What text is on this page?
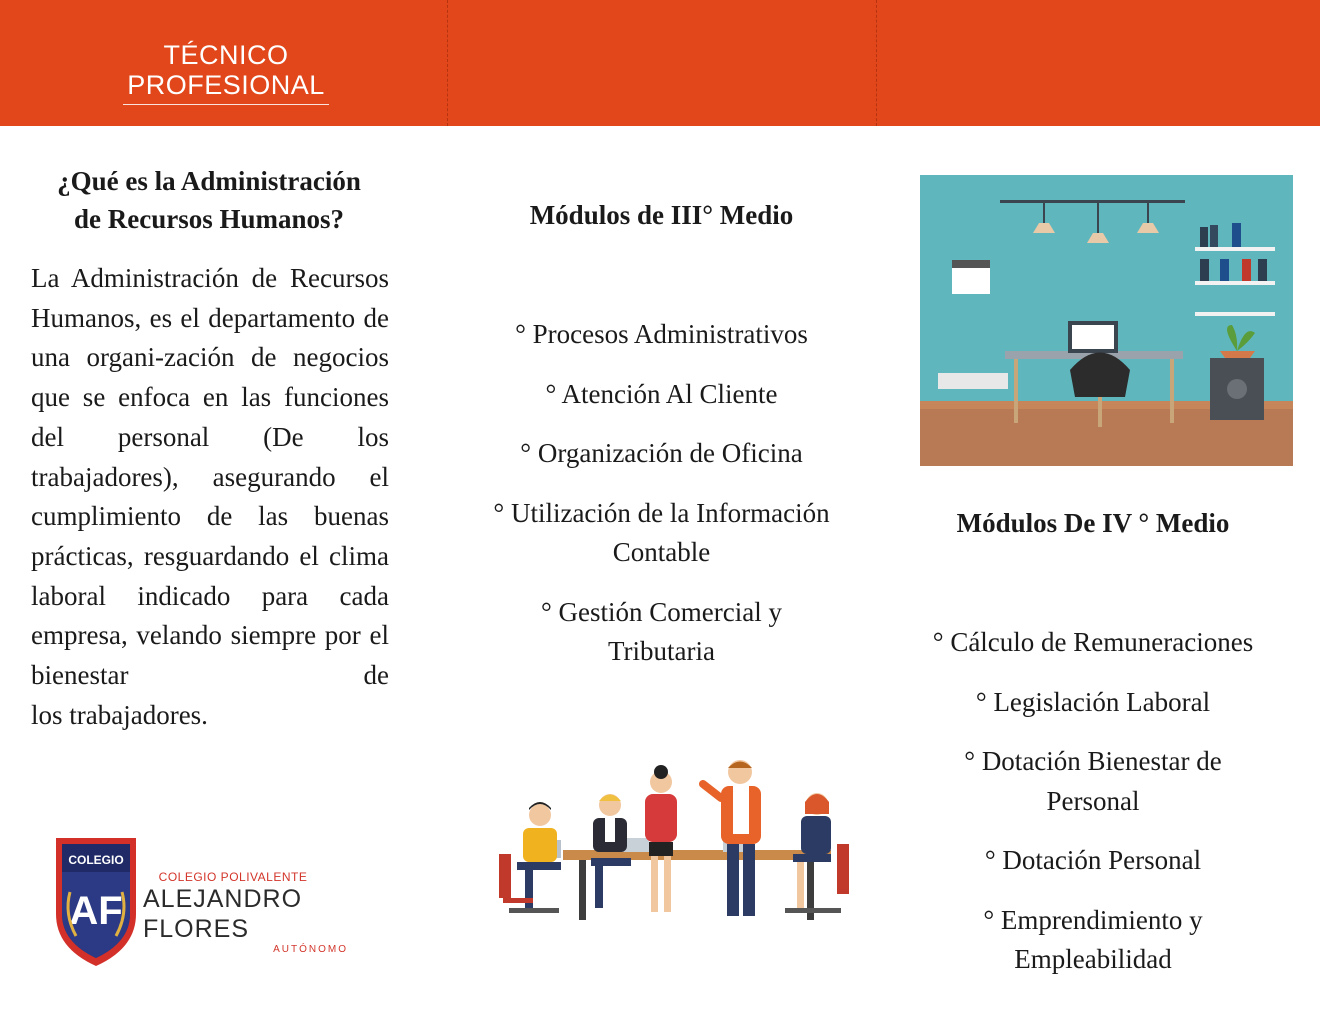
TÉCNICO
PROFESIONAL
¿Qué es la Administración
de Recursos Humanos?
La Administración de Recursos Humanos, es el departamento de una organi-zación de negocios que se enfoca en las funciones del personal (De los trabajadores), asegurando el cumplimiento de las buenas prácticas, resguardando el clima laboral indicado para cada empresa, velando siempre por el bienestar de
los trabajadores.
COLEGIO
AF
COLEGIO POLIVALENTE
ALEJANDRO FLORES
AUTÓNOMO
Módulos de III° Medio
° Procesos Administrativos
° Atención Al Cliente
° Organización de Oficina
° Utilización de la Información Contable
° Gestión Comercial y Tributaria
Módulos De IV ° Medio
° Cálculo de Remuneraciones
° Legislación Laboral
° Dotación Bienestar de Personal
° Dotación Personal
° Emprendimiento y Empleabilidad
